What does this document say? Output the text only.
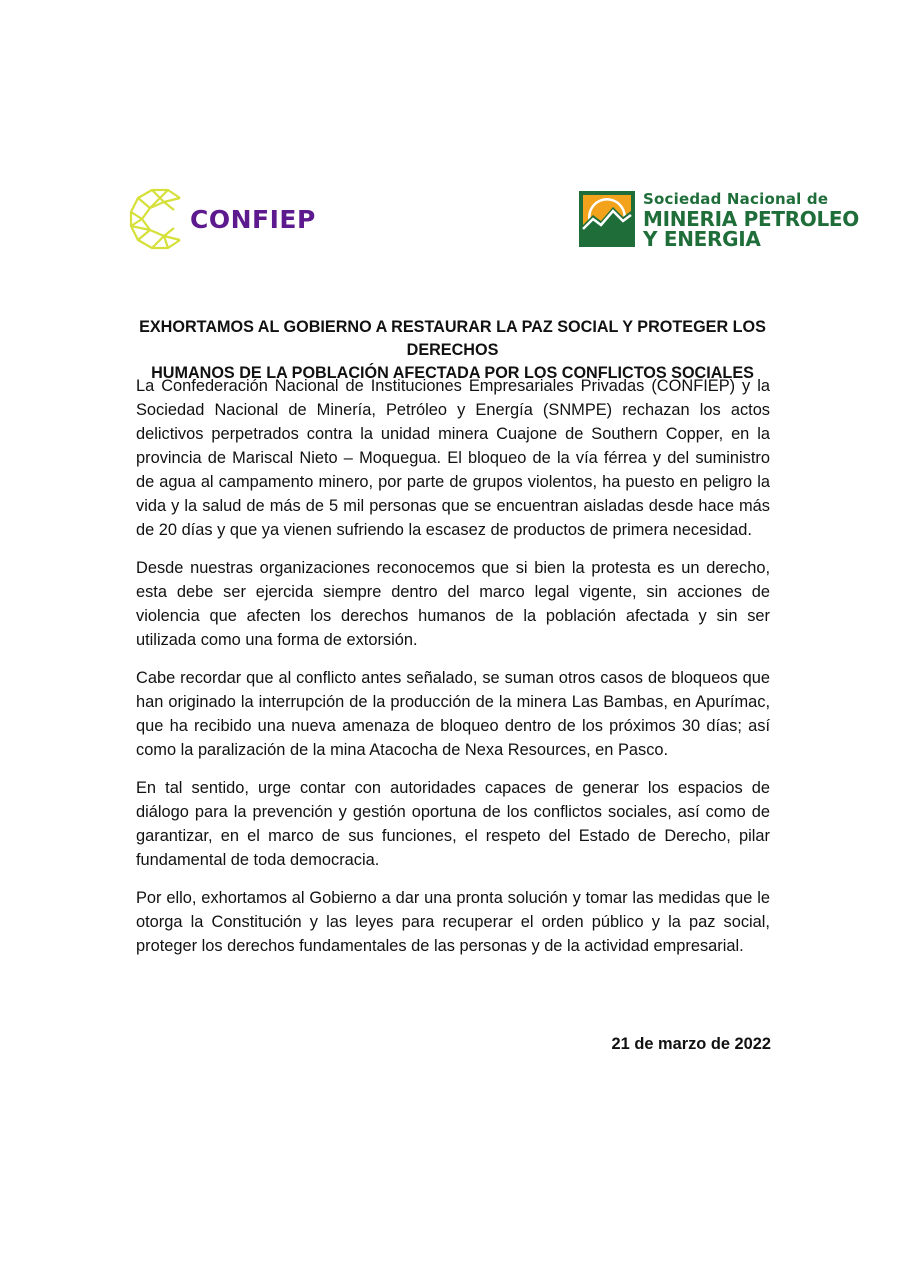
CONFIEP
Sociedad Nacional de
MINERIA PETROLEO
Y ENERGIA
EXHORTAMOS AL GOBIERNO A RESTAURAR LA PAZ SOCIAL Y PROTEGER LOS DERECHOS
HUMANOS DE LA POBLACIÓN AFECTADA POR LOS CONFLICTOS SOCIALES

La Confederación Nacional de Instituciones Empresariales Privadas (CONFIEP) y la Sociedad Nacional de Minería, Petróleo y Energía (SNMPE) rechazan los actos delictivos perpetrados contra la unidad minera Cuajone de Southern Copper, en la provincia de Mariscal Nieto – Moquegua. El bloqueo de la vía férrea y del suministro de agua al campamento minero, por parte de grupos violentos, ha puesto en peligro la vida y la salud de más de 5 mil personas que se encuentran aisladas desde hace más de 20 días y que ya vienen sufriendo la escasez de productos de primera necesidad.

Desde nuestras organizaciones reconocemos que si bien la protesta es un derecho, esta debe ser ejercida siempre dentro del marco legal vigente, sin acciones de violencia que afecten los derechos humanos de la población afectada y sin ser utilizada como una forma de extorsión.

Cabe recordar que al conflicto antes señalado, se suman otros casos de bloqueos que han originado la interrupción de la producción de la minera Las Bambas, en Apurímac, que ha recibido una nueva amenaza de bloqueo dentro de los próximos 30 días; así como la paralización de la mina Atacocha de Nexa Resources, en Pasco.

En tal sentido, urge contar con autoridades capaces de generar los espacios de diálogo para la prevención y gestión oportuna de los conflictos sociales, así como de garantizar, en el marco de sus funciones, el respeto del Estado de Derecho, pilar fundamental de toda democracia.

Por ello, exhortamos al Gobierno a dar una pronta solución y tomar las medidas que le otorga la Constitución y las leyes para recuperar el orden público y la paz social, proteger los derechos fundamentales de las personas y de la actividad empresarial.

21 de marzo de 2022
